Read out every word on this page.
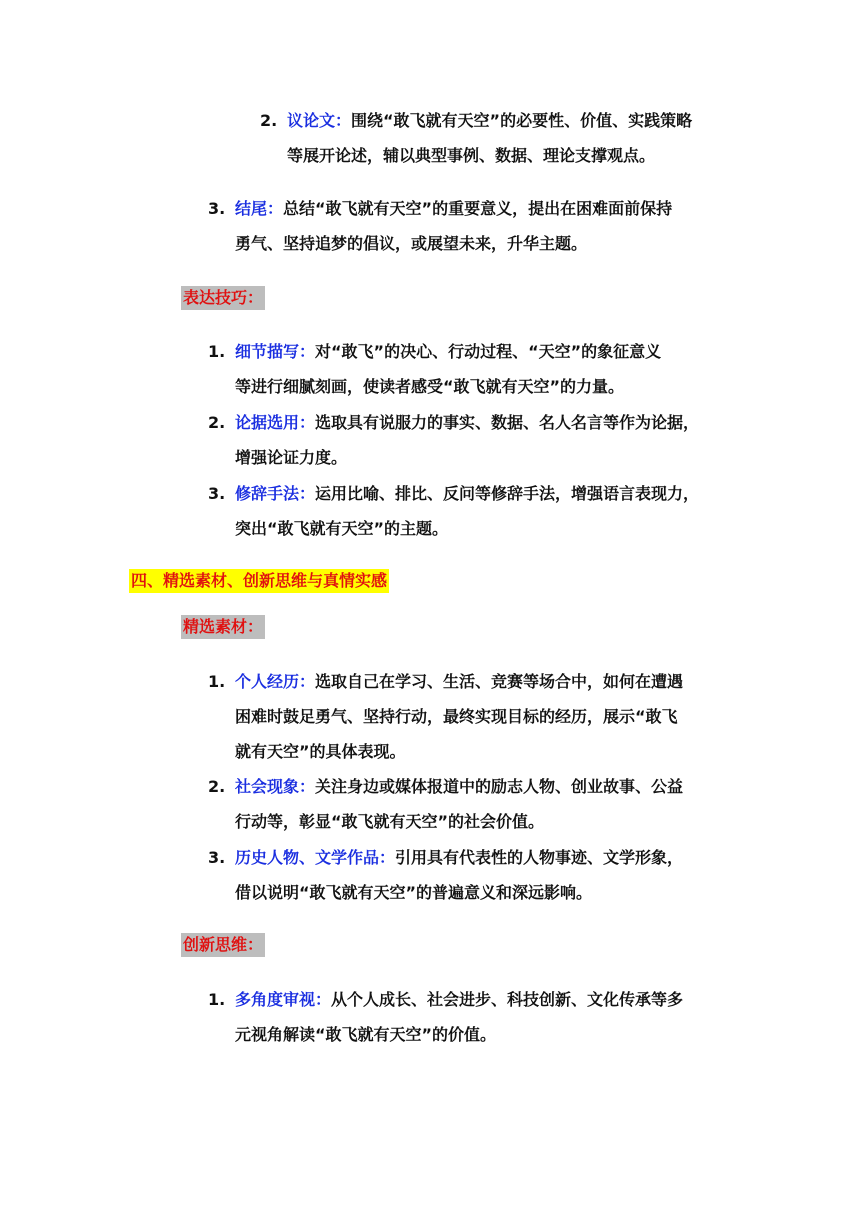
2. 议论文：围绕“敢飞就有天空”的必要性、价值、实践策略
等展开论述，辅以典型事例、数据、理论支撑观点。
3. 结尾：总结“敢飞就有天空”的重要意义，提出在困难面前保持
勇气、坚持追梦的倡议，或展望未来，升华主题。
表达技巧：
1. 细节描写：对“敢飞”的决心、行动过程、“天空”的象征意义
等进行细腻刻画，使读者感受“敢飞就有天空”的力量。
2. 论据选用：选取具有说服力的事实、数据、名人名言等作为论据，
增强论证力度。
3. 修辞手法：运用比喻、排比、反问等修辞手法，增强语言表现力，
突出“敢飞就有天空”的主题。
四、精选素材、创新思维与真情实感
精选素材：
1. 个人经历：选取自己在学习、生活、竞赛等场合中，如何在遭遇
困难时鼓足勇气、坚持行动，最终实现目标的经历，展示“敢飞
就有天空”的具体表现。
2. 社会现象：关注身边或媒体报道中的励志人物、创业故事、公益
行动等，彰显“敢飞就有天空”的社会价值。
3. 历史人物、文学作品：引用具有代表性的人物事迹、文学形象，
借以说明“敢飞就有天空”的普遍意义和深远影响。
创新思维：
1. 多角度审视：从个人成长、社会进步、科技创新、文化传承等多
元视角解读“敢飞就有天空”的价值。
